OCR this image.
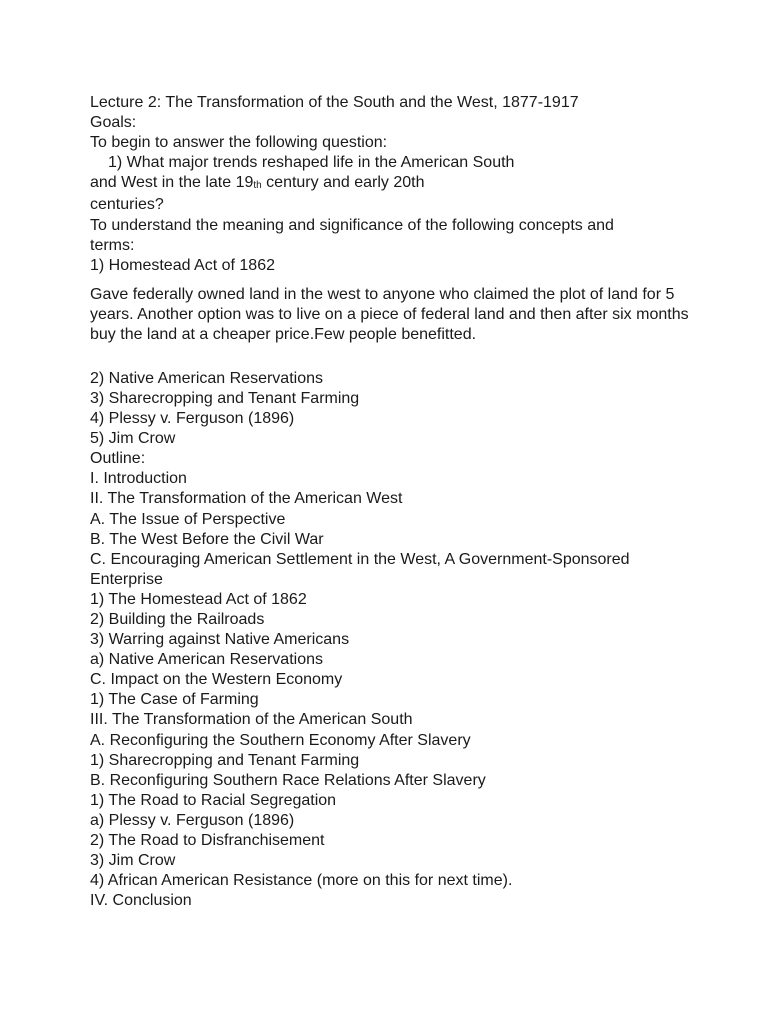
Lecture 2: The Transformation of the South and the West, 1877-1917
Goals:
To begin to answer the following question:
1) What major trends reshaped life in the American South
and West in the late $19_{th}$ century and early 20th
centuries?
To understand the meaning and significance of the following concepts and
terms:
1) Homestead Act of 1862
Gave federally owned land in the west to anyone who claimed the plot of land for 5 years. Another option was to live on a piece of federal land and then after six months buy the land at a cheaper price.Few people benefitted.
2) Native American Reservations
3) Sharecropping and Tenant Farming
4) Plessy v. Ferguson (1896)
5) Jim Crow
Outline:
I. Introduction
II. The Transformation of the American West
A. The Issue of Perspective
B. The West Before the Civil War
C. Encouraging American Settlement in the West, A Government-Sponsored
Enterprise
1) The Homestead Act of 1862
2) Building the Railroads
3) Warring against Native Americans
a) Native American Reservations
C. Impact on the Western Economy
1) The Case of Farming
III. The Transformation of the American South
A. Reconfiguring the Southern Economy After Slavery
1) Sharecropping and Tenant Farming
B. Reconfiguring Southern Race Relations After Slavery
1) The Road to Racial Segregation
a) Plessy v. Ferguson (1896)
2) The Road to Disfranchisement
3) Jim Crow
4) African American Resistance (more on this for next time).
IV. Conclusion
